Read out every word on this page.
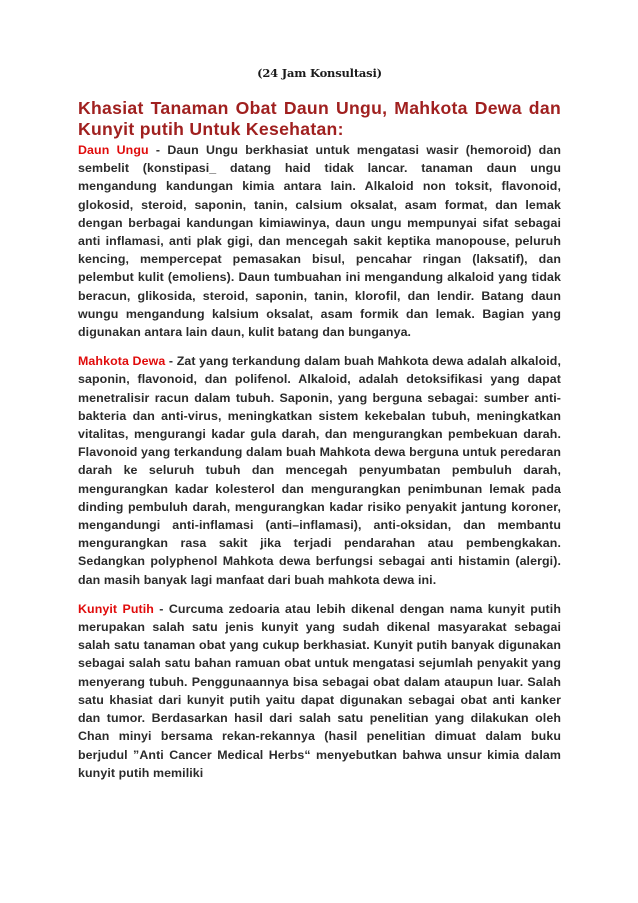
(24 Jam Konsultasi)
Khasiat Tanaman Obat Daun Ungu, Mahkota Dewa dan Kunyit putih Untuk Kesehatan:

Daun Ungu - Daun Ungu berkhasiat untuk mengatasi wasir (hemoroid) dan sembelit (konstipasi_ datang haid tidak lancar. tanaman daun ungu mengandung kandungan kimia antara lain. Alkaloid non toksit, flavonoid, glokosid, steroid, saponin, tanin, calsium oksalat, asam format, dan lemak dengan berbagai kandungan kimiawinya, daun ungu mempunyai sifat sebagai anti inflamasi, anti plak gigi, dan mencegah sakit keptika manopouse, peluruh kencing, mempercepat pemasakan bisul, pencahar ringan (laksatif), dan pelembut kulit (emoliens). Daun tumbuahan ini mengandung alkaloid yang tidak beracun, glikosida, steroid, saponin, tanin, klorofil, dan lendir. Batang daun wungu mengandung kalsium oksalat, asam formik dan lemak. Bagian yang digunakan antara lain daun, kulit batang dan bunganya.

Mahkota Dewa - Zat yang terkandung dalam buah Mahkota dewa adalah alkaloid, saponin, flavonoid, dan polifenol. Alkaloid, adalah detoksifikasi yang dapat menetralisir racun dalam tubuh. Saponin, yang berguna sebagai: sumber anti-bakteria dan anti-virus, meningkatkan sistem kekebalan tubuh, meningkatkan vitalitas, mengurangi kadar gula darah, dan mengurangkan pembekuan darah. Flavonoid yang terkandung dalam buah Mahkota dewa berguna untuk peredaran darah ke seluruh tubuh dan mencegah penyumbatan pembuluh darah, mengurangkan kadar kolesterol dan mengurangkan penimbunan lemak pada dinding pembuluh darah, mengurangkan kadar risiko penyakit jantung koroner, mengandungi anti-inflamasi (anti–inflamasi), anti-oksidan, dan membantu mengurangkan rasa sakit jika terjadi pendarahan atau pembengkakan. Sedangkan polyphenol Mahkota dewa berfungsi sebagai anti histamin (alergi). dan masih banyak lagi manfaat dari buah mahkota dewa ini.

Kunyit Putih - Curcuma zedoaria atau lebih dikenal dengan nama kunyit putih merupakan salah satu jenis kunyit yang sudah dikenal masyarakat sebagai salah satu tanaman obat yang cukup berkhasiat. Kunyit putih banyak digunakan sebagai salah satu bahan ramuan obat untuk mengatasi sejumlah penyakit yang menyerang tubuh. Penggunaannya bisa sebagai obat dalam ataupun luar. Salah satu khasiat dari kunyit putih yaitu dapat digunakan sebagai obat anti kanker dan tumor. Berdasarkan hasil dari salah satu penelitian yang dilakukan oleh Chan minyi bersama rekan-rekannya (hasil penelitian dimuat dalam buku berjudul ”Anti Cancer Medical Herbs“ menyebutkan bahwa unsur kimia dalam kunyit putih memiliki
